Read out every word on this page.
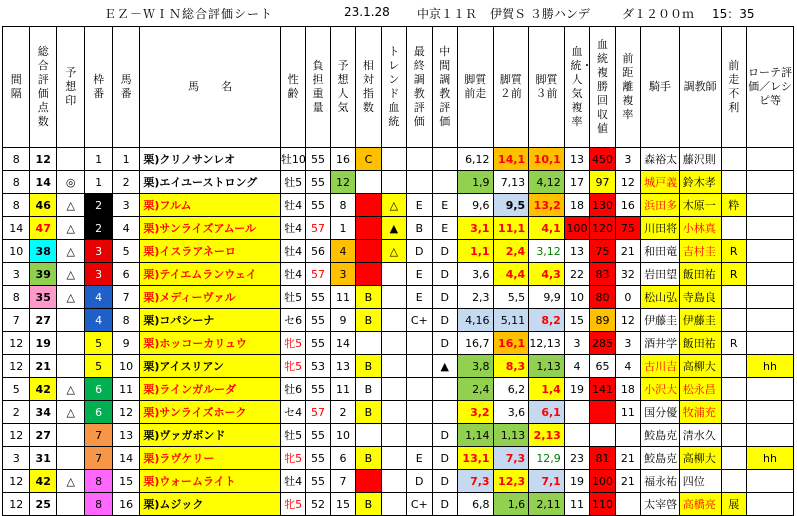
ＥＺ－ＷＩＮ総合評価シート	23.1.28 中京１１Ｒ 伊賀Ｓ ３勝ハンデ	ダ１２００ｍ 15：35
間隔	総合評価点数	予想印	枠番	馬番	馬　　名	性齢	負担重量	予想人気	相対指数	トレンド血統	最終調教評価	中間調教評価	脚質前走	脚質２前	脚質３前	血統・人気複率	血統複勝回収値	前距離複率	騎手	調教師	前走不利	ローテ評価／レシピ等
8	12		1	1	栗)クリノサンレオ	牡10	55	16	C				6,12	14,1	10,1	13	450	3	森裕太	藤沢則		
8	14	◎	1	2	栗)エイユーストロング	牡5	55	12					1,9	7,13	4,12	17	97	12	城戸義	鈴木孝		
8	46	△	2	3	栗)フルム	牡4	55	8	A	△	E	E	9,6	9,5	13,2	18	130	16	浜田多	木原一	粋	
14	47	△	2	4	栗)サンライズアムール	牡4	57	1	A	▲	B	E	3,1	11,1	4,1	100	120	75	川田将	小林真		
10	38	△	3	5	栗)イスラアネーロ	牡4	56	4	A	△	D	D	1,1	2,4	3,12	13	75	21	和田竜	吉村圭	R	
3	39	△	3	6	栗)テイエムランウェイ	牡4	57	3	A		E	D	3,6	4,4	4,3	22	83	32	岩田望	飯田祐	R	
8	35	△	4	7	栗)メディーヴァル	牡5	55	11	B		E	D	2,3	5,5	9,9	10	80	0	松山弘	寺島良		
7	27		4	8	栗)コパシーナ	セ6	55	9	B		C+	D	4,16	5,11	8,2	15	89	12	伊藤圭	伊藤圭		
12	19		5	9	栗)ホッコーカリュウ	牝5	55	14				D	16,7	16,1	12,13	3	285	3	酒井学	飯田祐	R	
12	21		5	10	栗)アイスリアン	牝5	53	13	B			▲	3,8	8,3	1,13	4	65	4	古川吉	高柳大		hh
5	42	△	6	11	栗)ラインガルーダ	牡6	55	11	B				2,4	6,2	1,4	19	141	18	小沢大	松永昌		
2	34	△	6	12	栗)サンライズホーク	セ4	57	2	B				3,2	3,6	6,1			11	国分優	牧浦充		
12	27		7	13	栗)ヴァガボンド	牡5	55	10				D	1,14	1,13	2,13				鮫島克	清水久		
3	31		7	14	栗)ラヴケリー	牝5	55	6	B		E	D	13,1	7,3	12,9	23	81	21	鮫島克	高柳大		hh
12	42	△	8	15	栗)ウォームライト	牡4	55	7	A		D	D	7,3	12,3	7,1	19	100	21	福永祐	四位		
12	25		8	16	栗)ムジック	牝5	52	15	B		C+	D	6,8	1,6	2,11	11	110		太宰啓	高橋亮	展	
